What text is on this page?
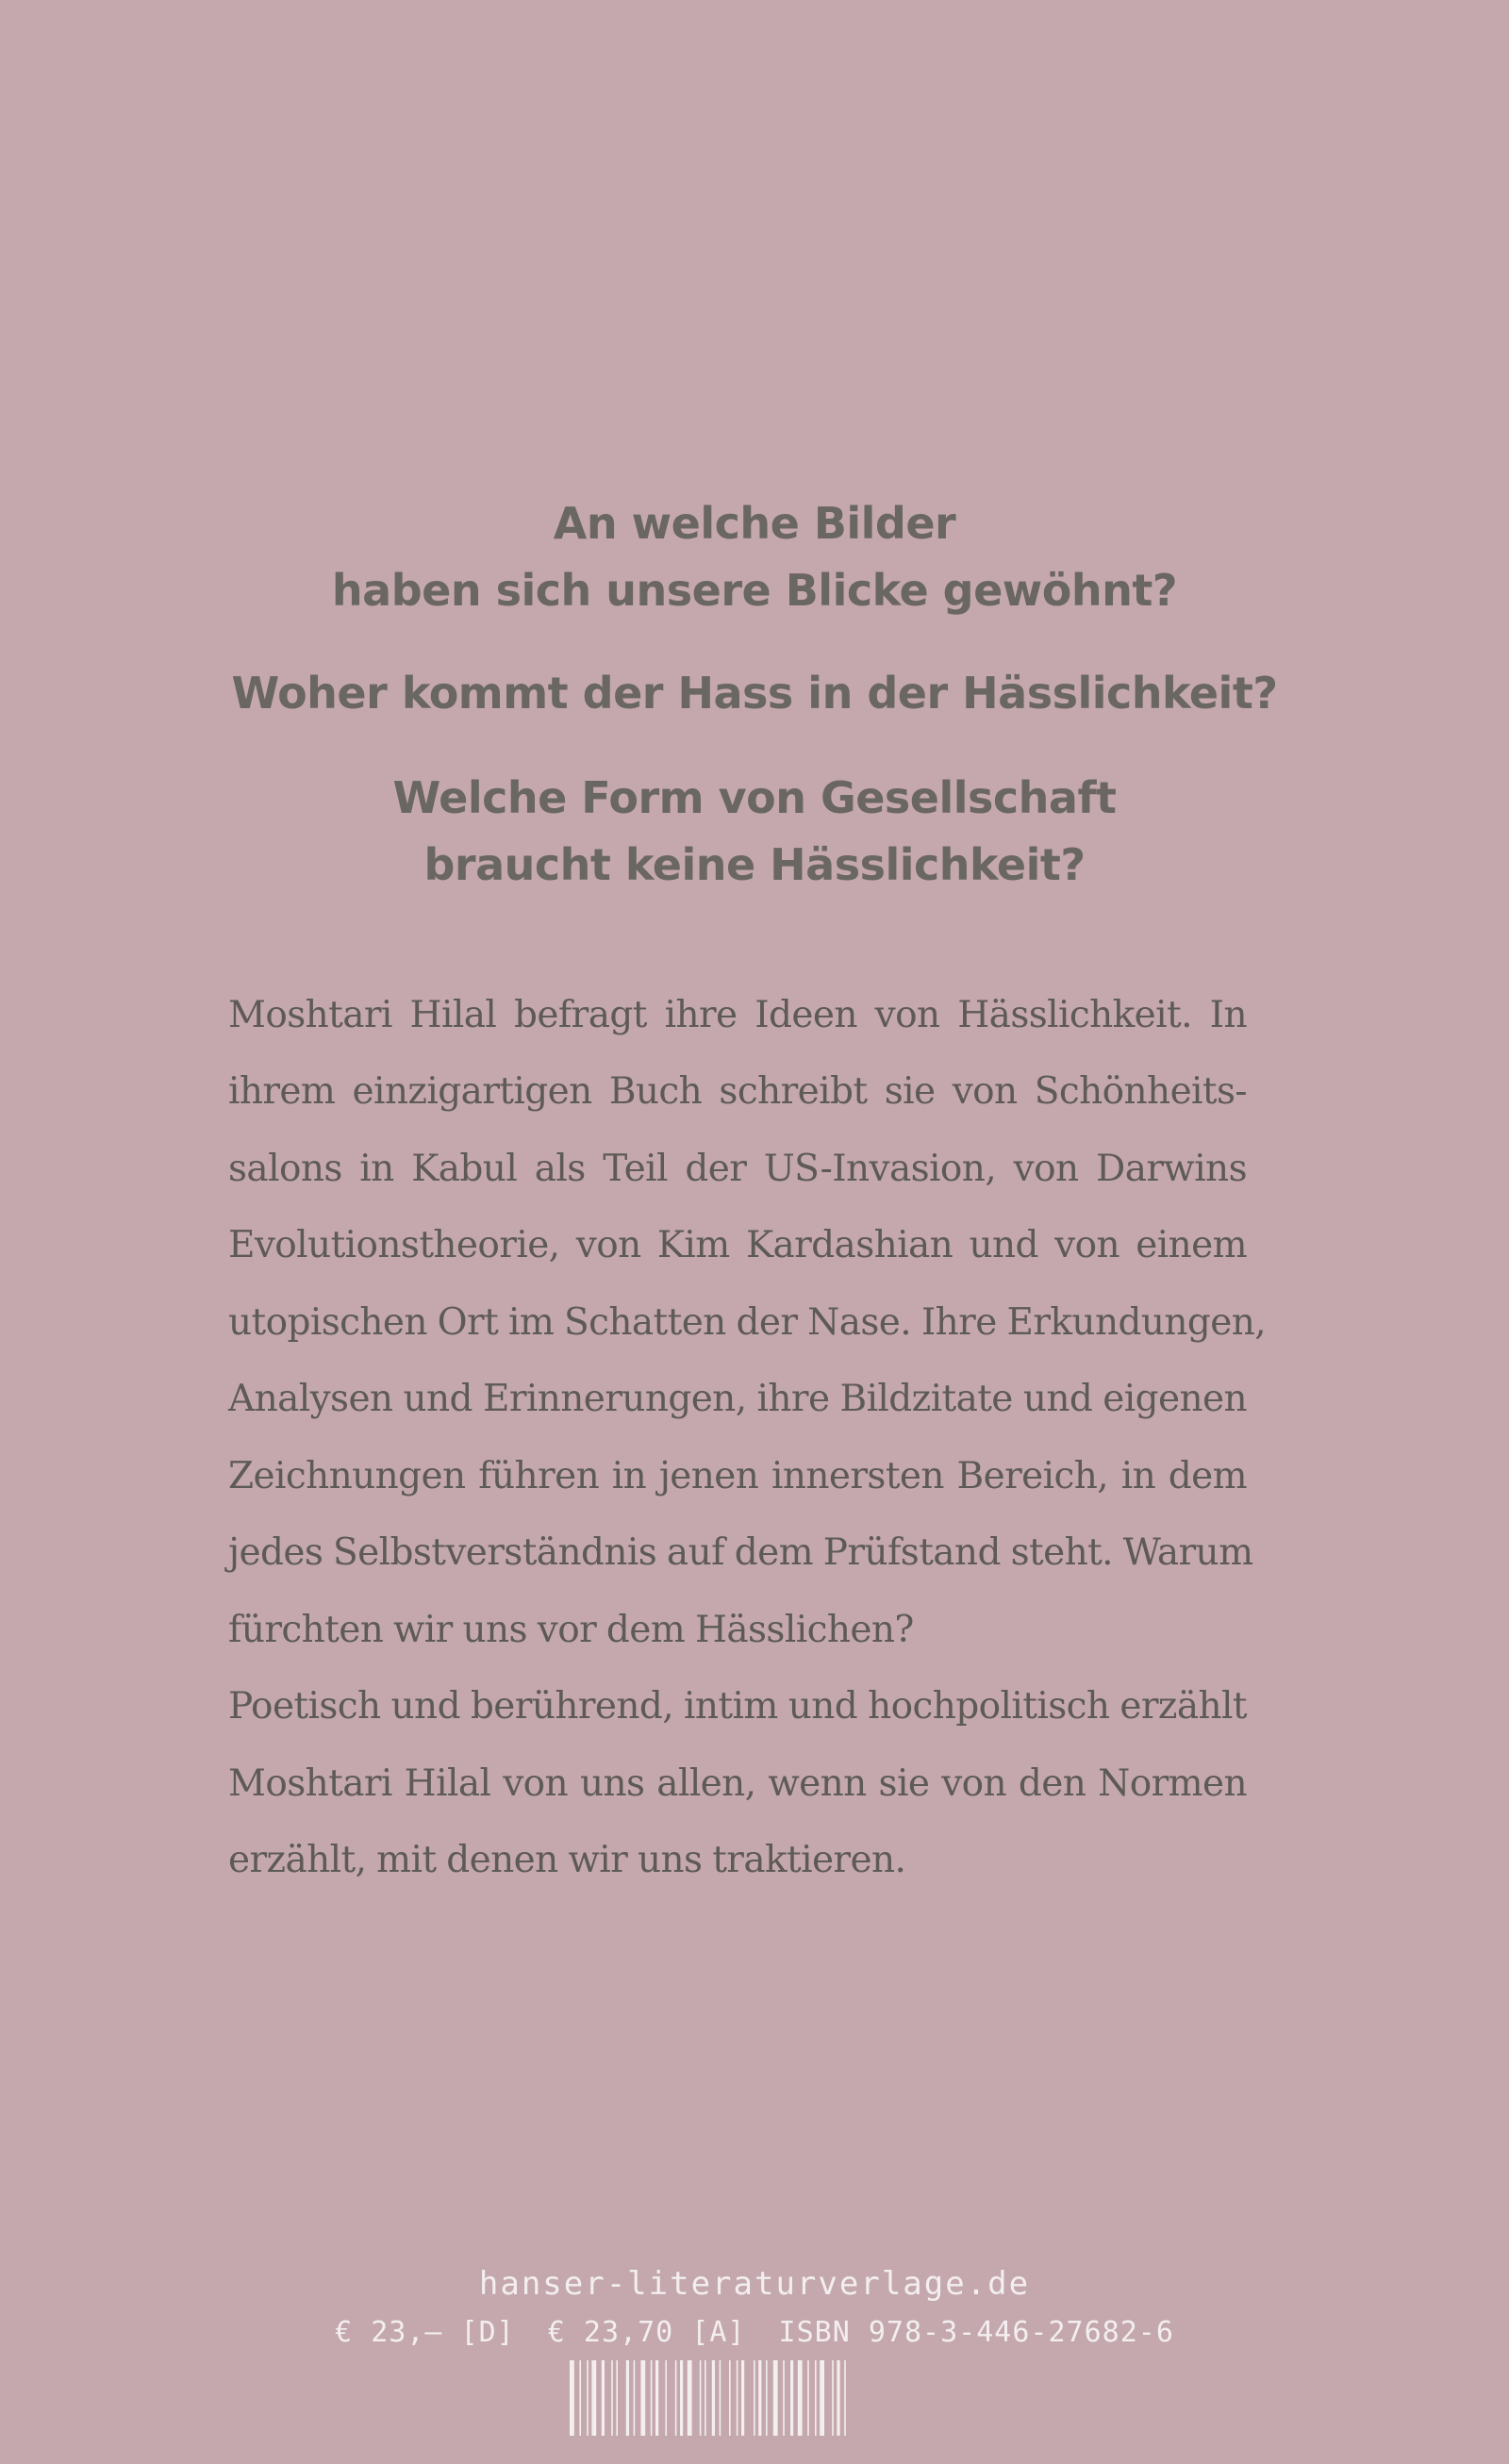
An welche Bilder
haben sich unsere Blicke gewöhnt?
Woher kommt der Hass in der Hässlichkeit?
Welche Form von Gesellschaft
braucht keine Hässlichkeit?
Moshtari Hilal befragt ihre Ideen von Hässlichkeit. In
ihrem einzigartigen Buch schreibt sie von Schönheits-
salons in Kabul als Teil der US-Invasion, von Darwins
Evolutionstheorie, von Kim Kardashian und von einem
utopischen Ort im Schatten der Nase. Ihre Erkundungen,
Analysen und Erinnerungen, ihre Bildzitate und eigenen
Zeichnungen führen in jenen innersten Bereich, in dem
jedes Selbstverständnis auf dem Prüfstand steht. Warum
fürchten wir uns vor dem Hässlichen?
Poetisch und berührend, intim und hochpolitisch erzählt
Moshtari Hilal von uns allen, wenn sie von den Normen
erzählt, mit denen wir uns traktieren.
hanser-literaturverlage.de
€ 23,– [D] € 23,70 [A] ISBN 978-3-446-27682-6
